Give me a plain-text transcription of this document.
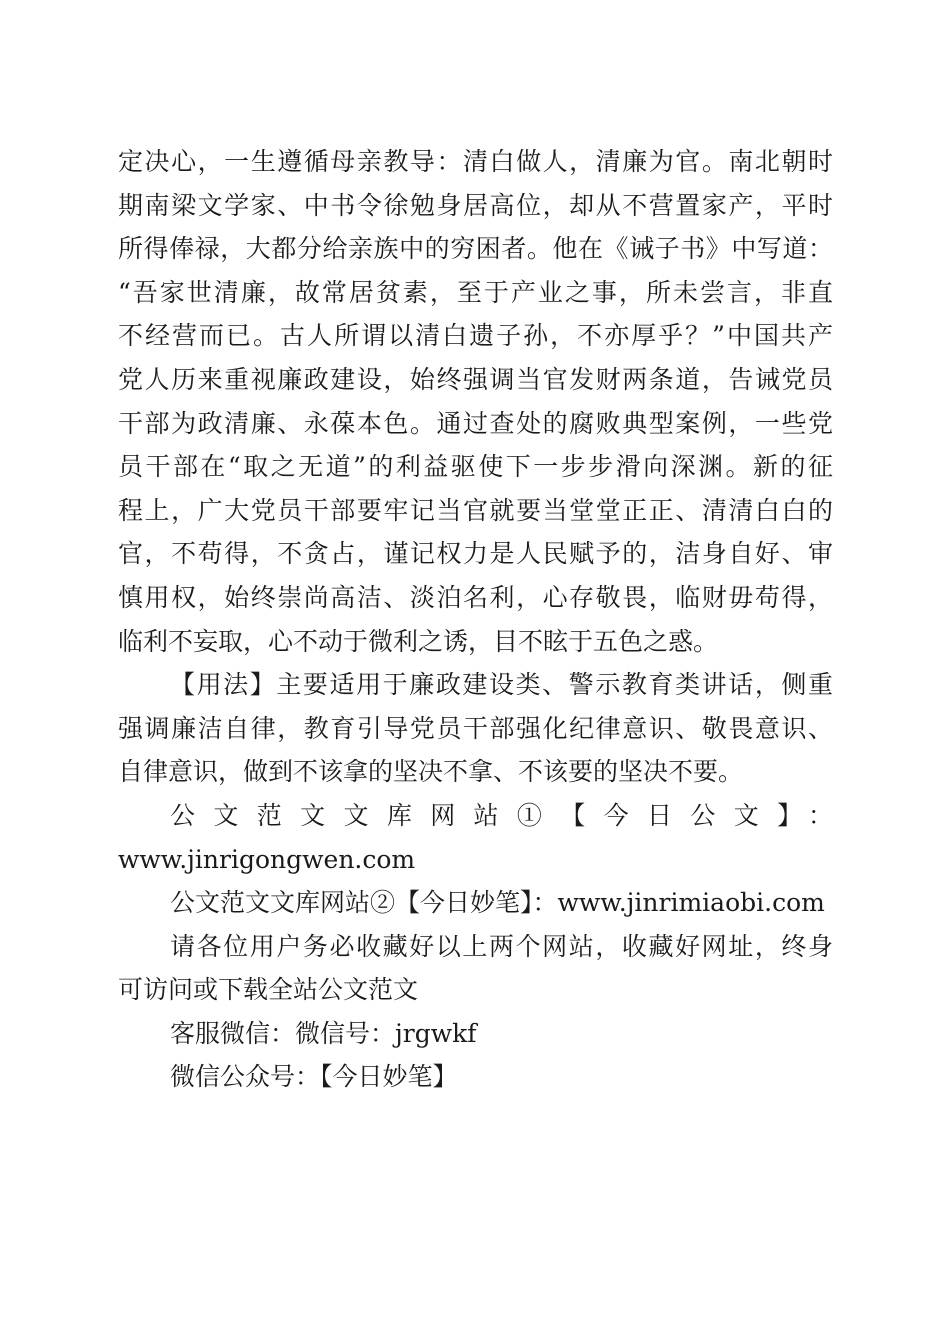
定决心，一生遵循母亲教导：清白做人，清廉为官。南北朝时
期南梁文学家、中书令徐勉身居高位，却从不营置家产，平时
所得俸禄，大都分给亲族中的穷困者。他在《诫子书》中写道：
“吾家世清廉，故常居贫素，至于产业之事，所未尝言，非直
不经营而已。古人所谓以清白遗子孙，不亦厚乎？”中国共产
党人历来重视廉政建设，始终强调当官发财两条道，告诫党员
干部为政清廉、永葆本色。通过查处的腐败典型案例，一些党
员干部在“取之无道”的利益驱使下一步步滑向深渊。新的征
程上，广大党员干部要牢记当官就要当堂堂正正、清清白白的
官，不苟得，不贪占，谨记权力是人民赋予的，洁身自好、审
慎用权，始终崇尚高洁、淡泊名利，心存敬畏，临财毋苟得，
临利不妄取，心不动于微利之诱，目不眩于五色之惑。
【用法】主要适用于廉政建设类、警示教育类讲话，侧重
强调廉洁自律，教育引导党员干部强化纪律意识、敬畏意识、
自律意识，做到不该拿的坚决不拿、不该要的坚决不要。
公文范文文库网站①【今日公文】：
www.jinrigongwen.com
公文范文文库网站②【今日妙笔】：www.jinrimiaobi.com
请各位用户务必收藏好以上两个网站，收藏好网址，终身
可访问或下载全站公文范文
客服微信：微信号：jrgwkf
微信公众号：【今日妙笔】
